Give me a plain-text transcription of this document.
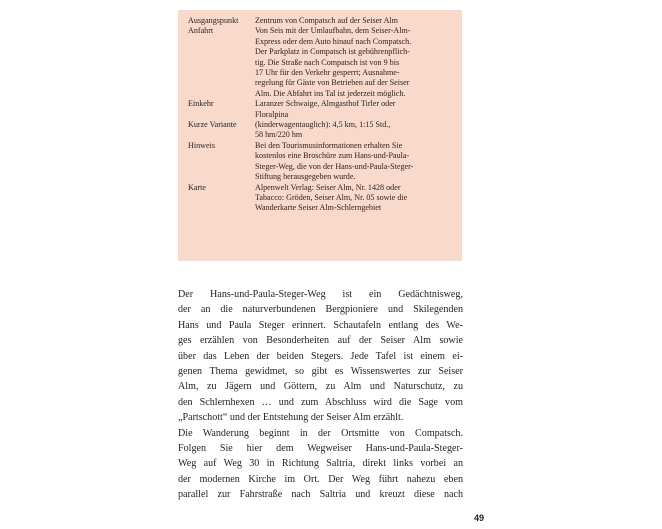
Ausgangspunkt	Zentrum von Compatsch auf der Seiser Alm
Anfahrt	Von Seis mit der Umlaufbahn, dem Seiser-Alm-
Express oder dem Auto hinauf nach Compatsch.
Der Parkplatz in Compatsch ist gebührenpflich-
tig. Die Straße nach Compatsch ist von 9 bis
17 Uhr für den Verkehr gesperrt; Ausnahme-
regelung für Gäste von Betrieben auf der Seiser
Alm. Die Abfahrt ins Tal ist jederzeit möglich.
Einkehr	Laranzer Schwaige, Almgasthof Tirler oder
Floralpina
Kurze Variante	(kinderwagentauglich): 4,5 km, 1:15 Std.,
58 hm/220 hm
Hinweis	Bei den Tourismusinformationen erhalten Sie
kostenlos eine Broschüre zum Hans-und-Paula-
Steger-Weg, die von der Hans-und-Paula-Steger-
Stiftung herausgegeben wurde.
Karte	Alpenwelt Verlag: Seiser Alm, Nr. 1428 oder
Tabacco: Gröden, Seiser Alm, Nr. 05 sowie die
Wanderkarte Seiser Alm-Schlerngebiet
Der Hans-und-Paula-Steger-Weg ist ein Gedächtnisweg,
der an die naturverbundenen Bergpioniere und Skilegenden
Hans und Paula Steger erinnert. Schautafeln entlang des We-
ges erzählen von Besonderheiten auf der Seiser Alm sowie
über das Leben der beiden Stegers. Jede Tafel ist einem ei-
genen Thema gewidmet, so gibt es Wissenswertes zur Seiser
Alm, zu Jägern und Göttern, zu Alm und Naturschutz, zu
den Schlernhexen … und zum Abschluss wird die Sage vom
„Partschott“ und der Entstehung der Seiser Alm erzählt.
Die Wanderung beginnt in der Ortsmitte von Compatsch.
Folgen Sie hier dem Wegweiser Hans-und-Paula-Steger-
Weg auf Weg 30 in Richtung Saltria, direkt links vorbei an
der modernen Kirche im Ort. Der Weg führt nahezu eben
parallel zur Fahrstraße nach Saltria und kreuzt diese nach
49
